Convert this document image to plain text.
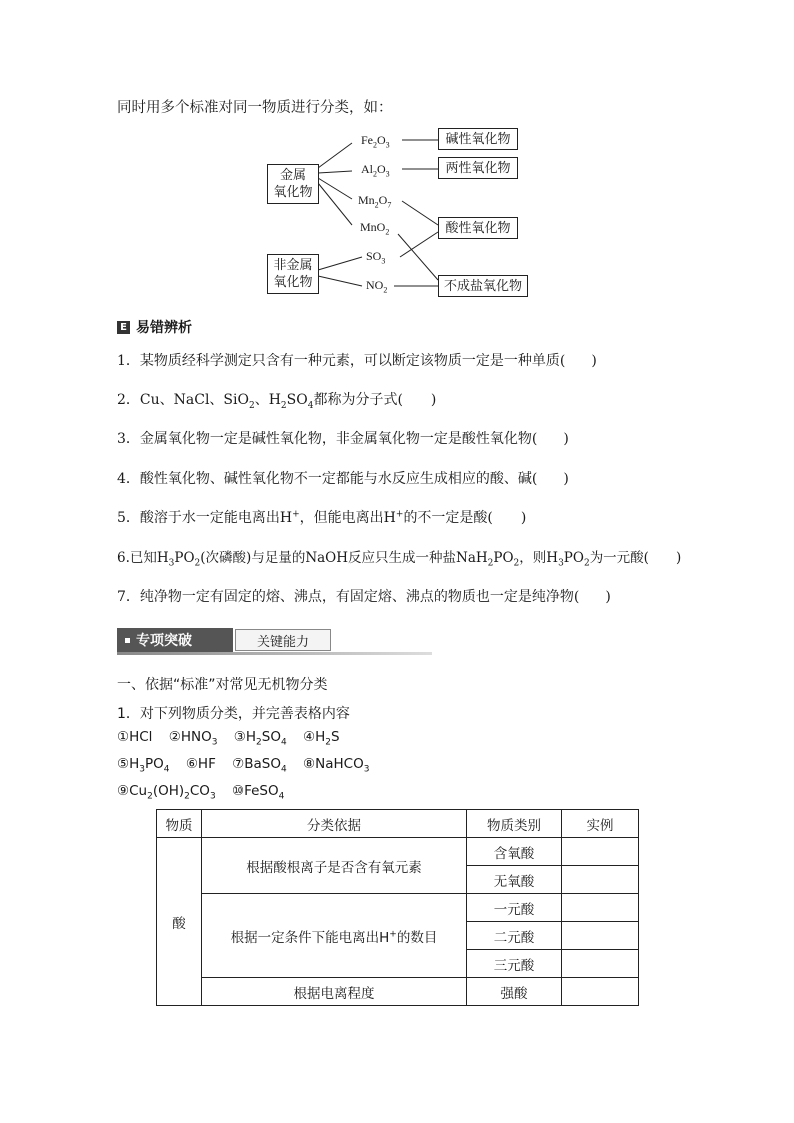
同时用多个标准对同一物质进行分类，如：
金属
氧化物
非金属
氧化物
$Fe_2O_3$
$Al_2O_3$
$Mn_2O_7$
MnO$_2$
$SO_3$
$NO_2$
碱性氧化物
两性氧化物
酸性氧化物
不成盐氧化物
E 易错辨析
1．某物质经科学测定只含有一种元素，可以断定该物质一定是一种单质( )
2．Cu、NaCl、SiO$_2$、$H_2SO_4$都称为分子式(　　)
3．金属氧化物一定是碱性氧化物，非金属氧化物一定是酸性氧化物( )
4．酸性氧化物、碱性氧化物不一定都能与水反应生成相应的酸、碱( )
5．酸溶于水一定能电离出H+，但能电离出H+的不一定是酸(　　)
6.已知$H_3PO_2$(次磷酸)与足量的NaOH反应只生成一种盐$NaH_2PO_2$，则$H_3PO_2$为一元酸(　　)
7．纯净物一定有固定的熔、沸点，有固定熔、沸点的物质也一定是纯净物( )
专项突破	关键能力
一、依据“标准”对常见无机物分类
1．对下列物质分类，并完善表格内容
①HCl $②HNO_3$ $③H_2SO_4$ $④H_2S$
$⑤H_3PO_4$ ⑥HF ⑦BaSO$_4$ ⑧NaHCO$_3$
$⑨Cu_2(OH)_2CO_3$ ⑩FeSO$_4$
物质	分类依据	物质类别	实例
酸	根据酸根离子是否含有氧元素	含氧酸	
		无氧酸	
	根据一定条件下能电离出H+的数目	一元酸	
		二元酸	
		三元酸	
	根据电离程度	强酸	
